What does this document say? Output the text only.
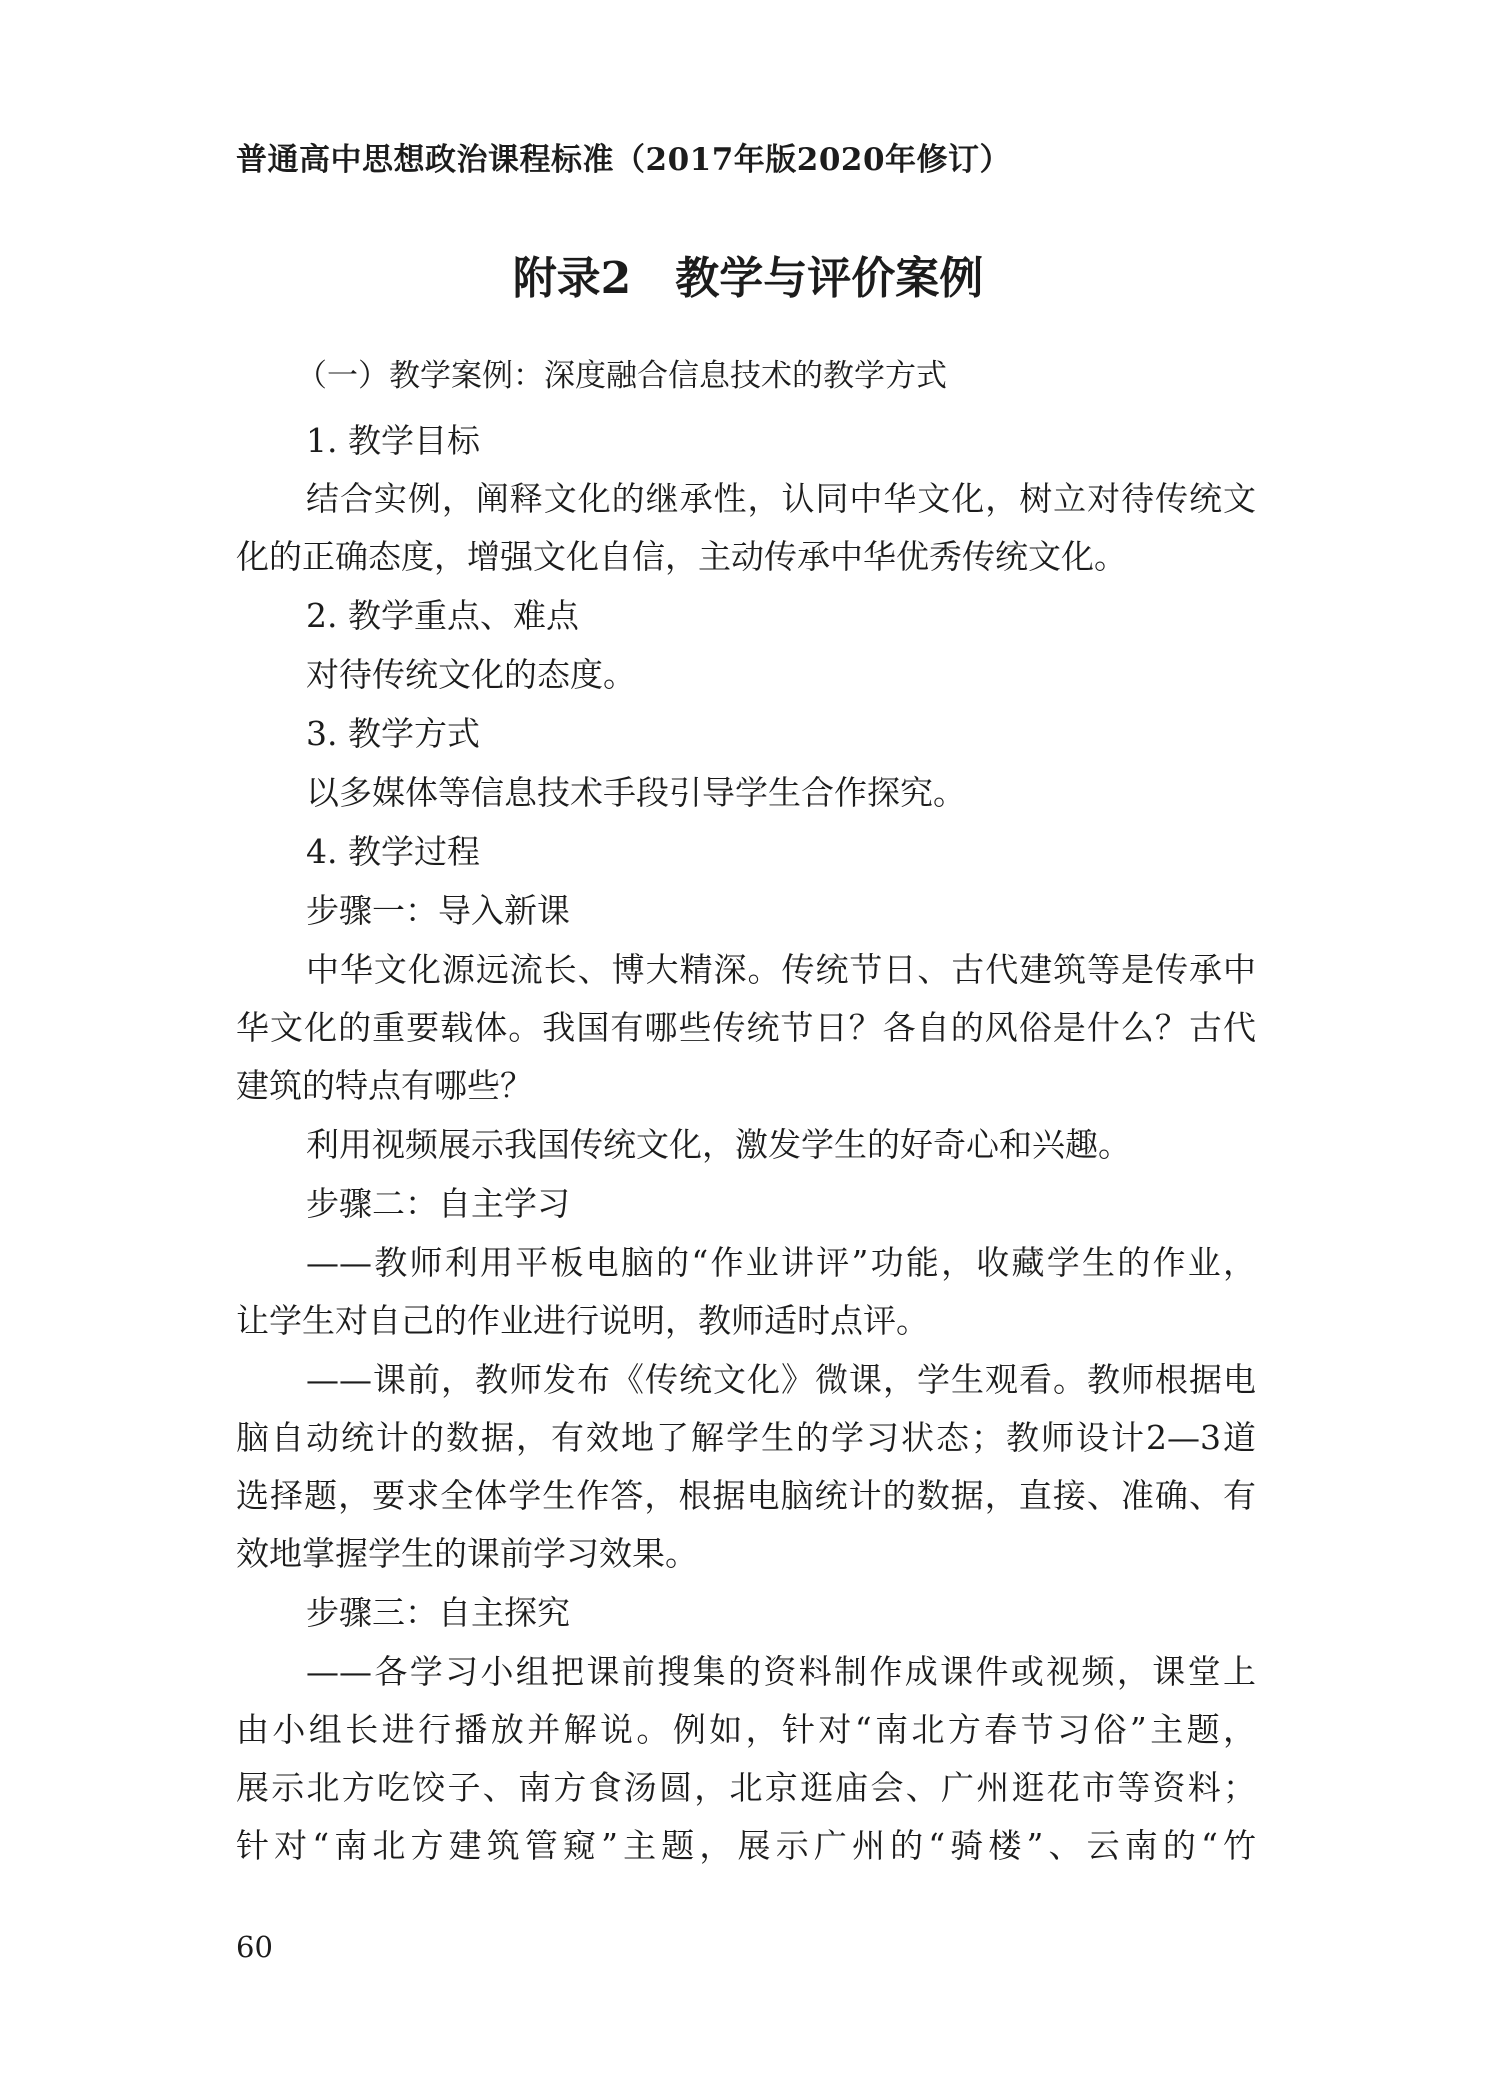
普通高中思想政治课程标准（2017年版2020年修订）
附录2　教学与评价案例
（一）教学案例：深度融合信息技术的教学方式
1. 教学目标
结合实例，阐释文化的继承性，认同中华文化，树立对待传统文
化的正确态度，增强文化自信，主动传承中华优秀传统文化。
2. 教学重点、难点
对待传统文化的态度。
3. 教学方式
以多媒体等信息技术手段引导学生合作探究。
4. 教学过程
步骤一：导入新课
中华文化源远流长、博大精深。传统节日、古代建筑等是传承中
华文化的重要载体。我国有哪些传统节日？各自的风俗是什么？古代
建筑的特点有哪些？
利用视频展示我国传统文化，激发学生的好奇心和兴趣。
步骤二：自主学习
——教师利用平板电脑的“作业讲评”功能，收藏学生的作业，
让学生对自己的作业进行说明，教师适时点评。
——课前，教师发布《传统文化》微课，学生观看。教师根据电
脑自动统计的数据，有效地了解学生的学习状态；教师设计2—3道
选择题，要求全体学生作答，根据电脑统计的数据，直接、准确、有
效地掌握学生的课前学习效果。
步骤三：自主探究
——各学习小组把课前搜集的资料制作成课件或视频，课堂上
由小组长进行播放并解说。例如，针对“南北方春节习俗”主题，
展示北方吃饺子、南方食汤圆，北京逛庙会、广州逛花市等资料；
针对“南北方建筑管窥”主题，展示广州的“骑楼”、云南的“竹
60
